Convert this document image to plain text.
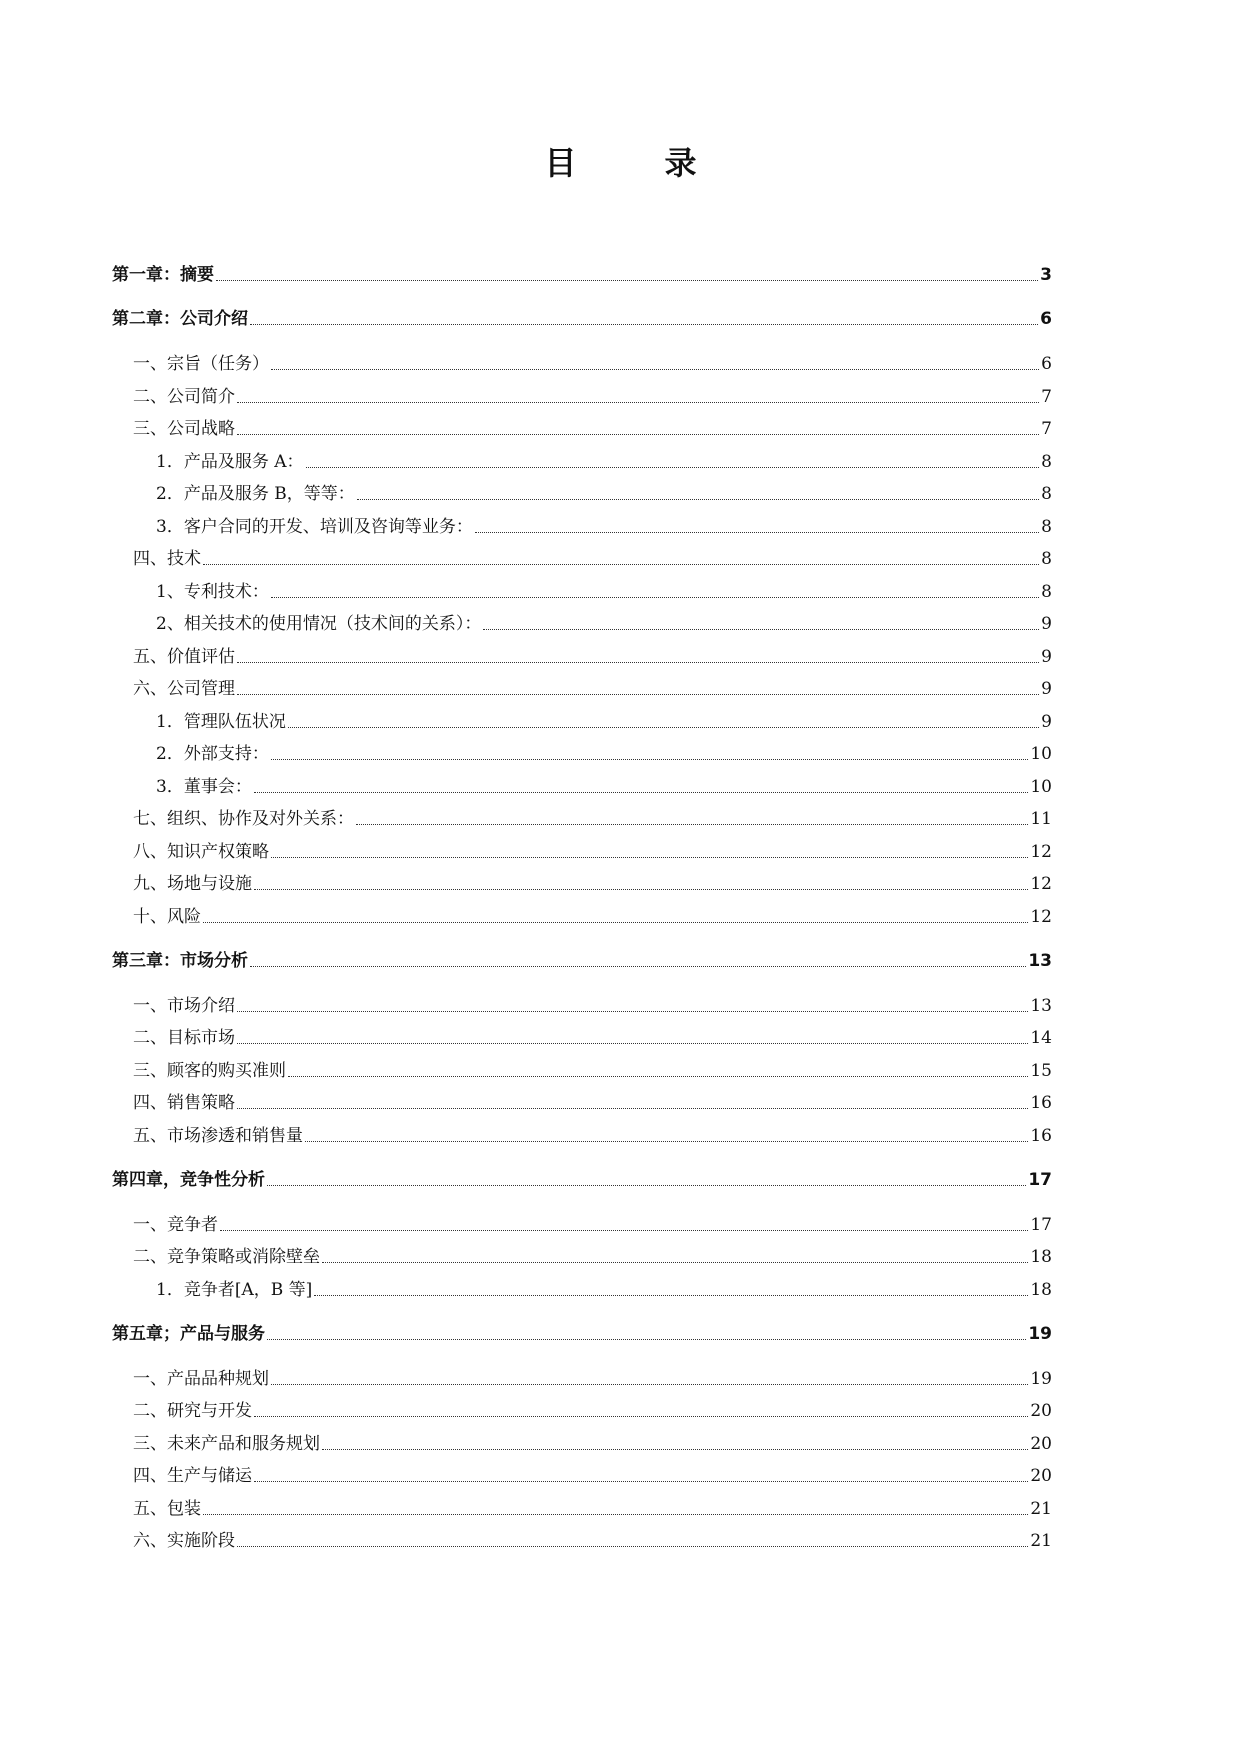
目　录
第一章：摘要	3
第二章：公司介绍	6
一、宗旨（任务）	6
二、公司简介	7
三、公司战略	7
1．产品及服务 A：	8
2．产品及服务 B，等等：	8
3．客户合同的开发、培训及咨询等业务：	8
四、技术	8
1、专利技术：	8
2、相关技术的使用情况（技术间的关系）：	9
五、价值评估	9
六、公司管理	9
1．管理队伍状况	9
2．外部支持：	10
3．董事会：	10
七、组织、协作及对外关系：	11
八、知识产权策略	12
九、场地与设施	12
十、风险	12
第三章：市场分析	13
一、市场介绍	13
二、目标市场	14
三、顾客的购买准则	15
四、销售策略	16
五、市场渗透和销售量	16
第四章，竞争性分析	17
一、竞争者	17
二、竞争策略或消除壁垒	18
1．竞争者[A，B 等]	18
第五章；产品与服务	19
一、产品品种规划	19
二、研究与开发	20
三、未来产品和服务规划	20
四、生产与储运	20
五、包装	21
六、实施阶段	21
